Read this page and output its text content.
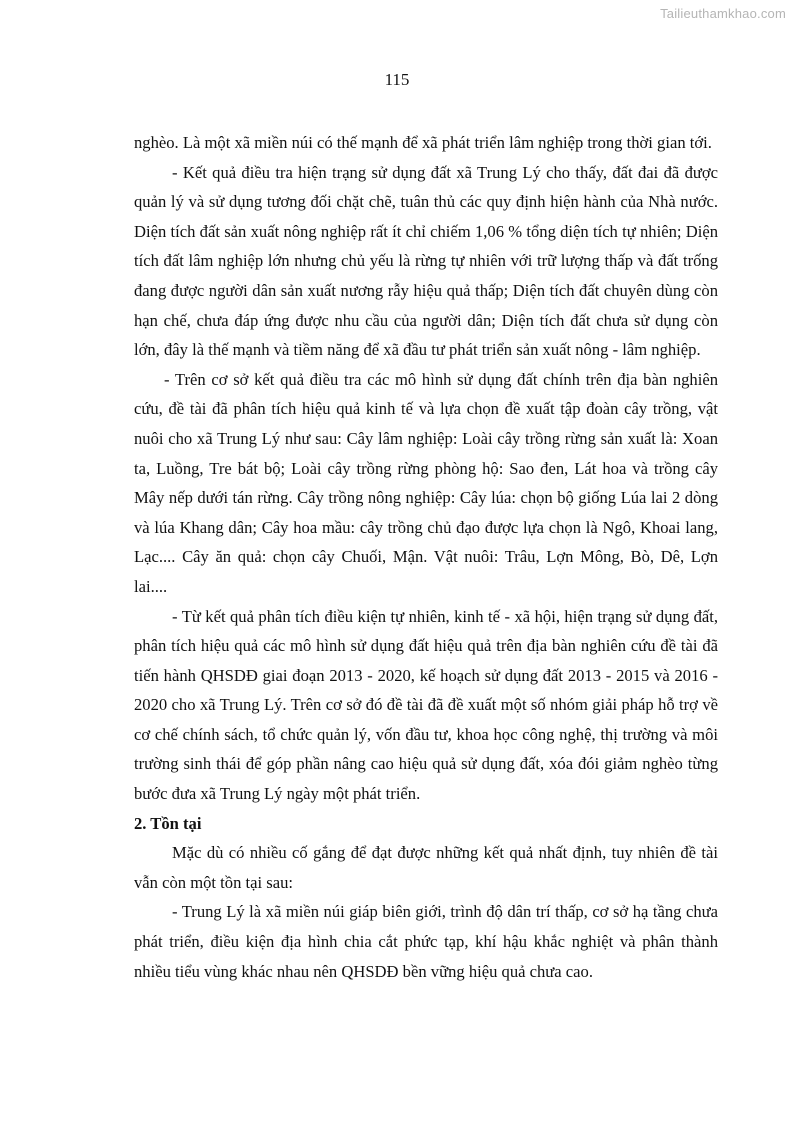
Tailieuthamkhao.com
115

nghèo. Là một xã miền núi có thế mạnh để xã phát triển lâm nghiệp trong thời gian tới.

- Kết quả điều tra hiện trạng sử dụng đất xã Trung Lý cho thấy, đất đai đã được quản lý và sử dụng tương đối chặt chẽ, tuân thủ các quy định hiện hành của Nhà nước. Diện tích đất sản xuất nông nghiệp rất ít chỉ chiếm 1,06 % tổng diện tích tự nhiên; Diện tích đất lâm nghiệp lớn nhưng chủ yếu là rừng tự nhiên với trữ lượng thấp và đất trống đang được người dân sản xuất nương rẫy hiệu quả thấp; Diện tích đất chuyên dùng còn hạn chế, chưa đáp ứng được nhu cầu của người dân; Diện tích đất chưa sử dụng còn lớn, đây là thế mạnh và tiềm năng để xã đầu tư phát triển sản xuất nông - lâm nghiệp.

- Trên cơ sở kết quả điều tra các mô hình sử dụng đất chính trên địa bàn nghiên cứu, đề tài đã phân tích hiệu quả kinh tế và lựa chọn đề xuất tập đoàn cây trồng, vật nuôi cho xã Trung Lý như sau: Cây lâm nghiệp: Loài cây trồng rừng sản xuất là: Xoan ta, Luồng, Tre bát bộ; Loài cây trồng rừng phòng hộ: Sao đen, Lát hoa và trồng cây Mây nếp dưới tán rừng. Cây trồng nông nghiệp: Cây lúa: chọn bộ giống Lúa lai 2 dòng và lúa Khang dân; Cây hoa mầu: cây trồng chủ đạo được lựa chọn là Ngô, Khoai lang, Lạc.... Cây ăn quả: chọn cây Chuối, Mận. Vật nuôi: Trâu, Lợn Mông, Bò, Dê, Lợn lai....

- Từ kết quả phân tích điều kiện tự nhiên, kinh tế - xã hội, hiện trạng sử dụng đất, phân tích hiệu quả các mô hình sử dụng đất hiệu quả trên địa bàn nghiên cứu đề tài đã tiến hành QHSDĐ giai đoạn 2013 - 2020, kế hoạch sử dụng đất 2013 - 2015 và 2016 - 2020 cho xã Trung Lý. Trên cơ sở đó đề tài đã đề xuất một số nhóm giải pháp hỗ trợ về cơ chế chính sách, tổ chức quản lý, vốn đầu tư, khoa học công nghệ, thị trường và môi trường sinh thái để góp phần nâng cao hiệu quả sử dụng đất, xóa đói giảm nghèo từng bước đưa xã Trung Lý ngày một phát triển.

2. Tồn tại

Mặc dù có nhiều cố gắng để đạt được những kết quả nhất định, tuy nhiên đề tài vẫn còn một tồn tại sau:

- Trung Lý là xã miền núi giáp biên giới, trình độ dân trí thấp, cơ sở hạ tầng chưa phát triển, điều kiện địa hình chia cắt phức tạp, khí hậu khắc nghiệt và phân thành nhiều tiểu vùng khác nhau nên QHSDĐ bền vững hiệu quả chưa cao.
